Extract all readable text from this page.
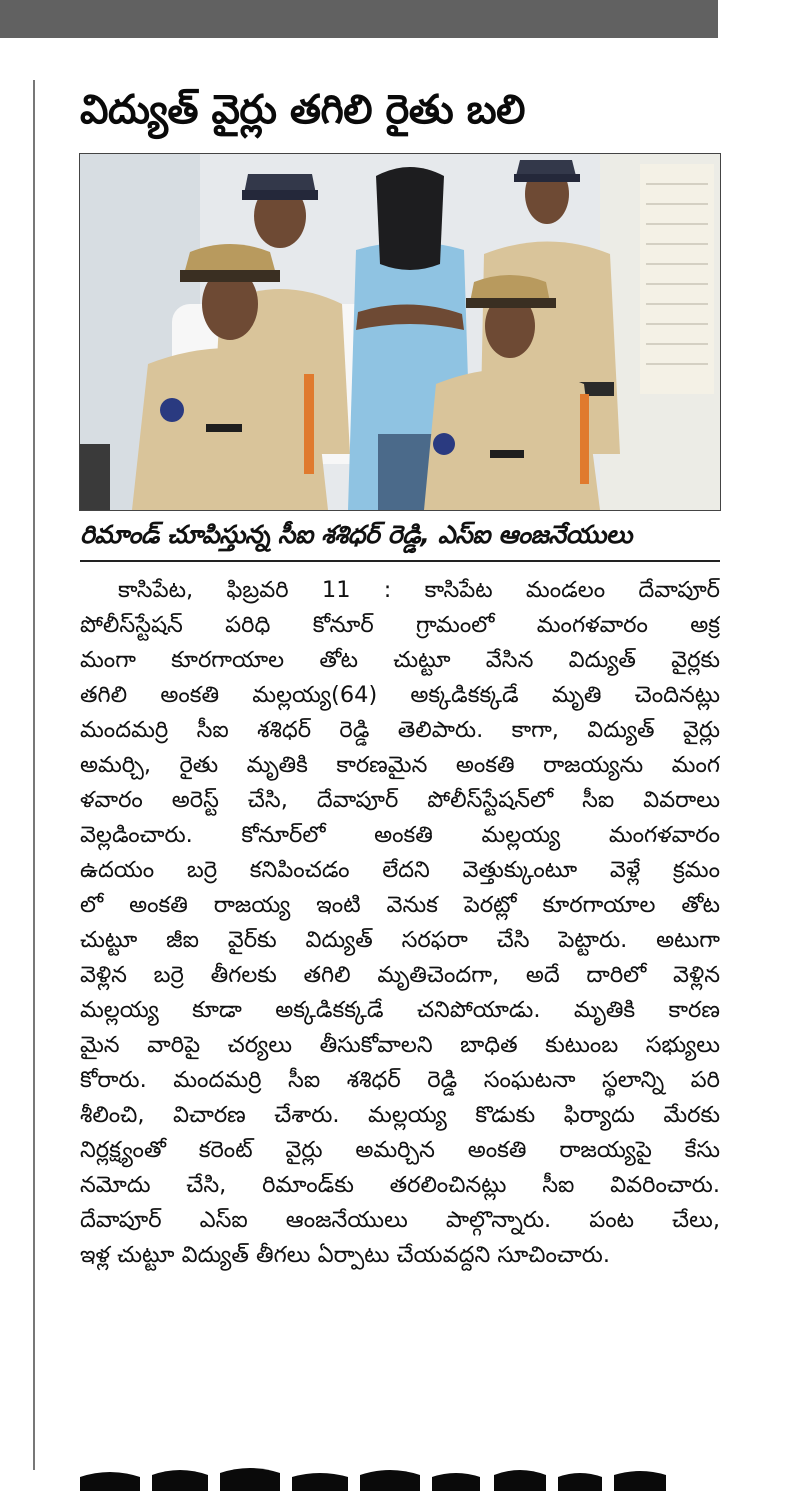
విద్యుత్ వైర్లు తగిలి రైతు బలి
రిమాండ్ చూపిస్తున్న సీఐ శశిధర్ రెడ్డి, ఎస్ఐ ఆంజనేయులు
కాసిపేట, ఫిబ్రవరి 11 : కాసిపేట మండలం దేవాపూర్
పోలీస్‌స్టేషన్ పరిధి కోనూర్ గ్రామంలో మంగళవారం అక్ర
మంగా కూరగాయాల తోట చుట్టూ వేసిన విద్యుత్ వైర్లకు
తగిలి అంకతి మల్లయ్య(64) అక్కడికక్కడే మృతి చెందినట్లు
మందమర్రి సీఐ శశిధర్ రెడ్డి తెలిపారు. కాగా, విద్యుత్ వైర్లు
అమర్చి, రైతు మృతికి కారణమైన అంకతి రాజయ్యను మంగ
ళవారం అరెస్ట్ చేసి, దేవాపూర్ పోలీస్‌స్టేషన్‌లో సీఐ వివరాలు
వెల్లడించారు. కోనూర్‌లో అంకతి మల్లయ్య మంగళవారం
ఉదయం బర్రె కనిపించడం లేదని వెత్తుక్కుంటూ వెళ్లే క్రమం
లో అంకతి రాజయ్య ఇంటి వెనుక పెరట్లో కూరగాయాల తోట
చుట్టూ జీఐ వైర్‌కు విద్యుత్ సరఫరా చేసి పెట్టారు. అటుగా
వెళ్లిన బర్రె తీగలకు తగిలి మృతిచెందగా, అదే దారిలో వెళ్లిన
మల్లయ్య కూడా అక్కడికక్కడే చనిపోయాడు. మృతికి కారణ
మైన వారిపై చర్యలు తీసుకోవాలని బాధిత కుటుంబ సభ్యులు
కోరారు. మందమర్రి సీఐ శశిధర్ రెడ్డి సంఘటనా స్థలాన్ని పరి
శీలించి, విచారణ చేశారు. మల్లయ్య కొడుకు ఫిర్యాదు మేరకు
నిర్లక్ష్యంతో కరెంట్ వైర్లు అమర్చిన అంకతి రాజయ్యపై కేసు
నమోదు చేసి, రిమాండ్‌కు తరలించినట్లు సీఐ వివరించారు.
దేవాపూర్ ఎస్ఐ ఆంజనేయులు పాల్గొన్నారు. పంట చేలు,
ఇళ్ల చుట్టూ విద్యుత్ తీగలు ఏర్పాటు చేయవద్దని సూచించారు.
